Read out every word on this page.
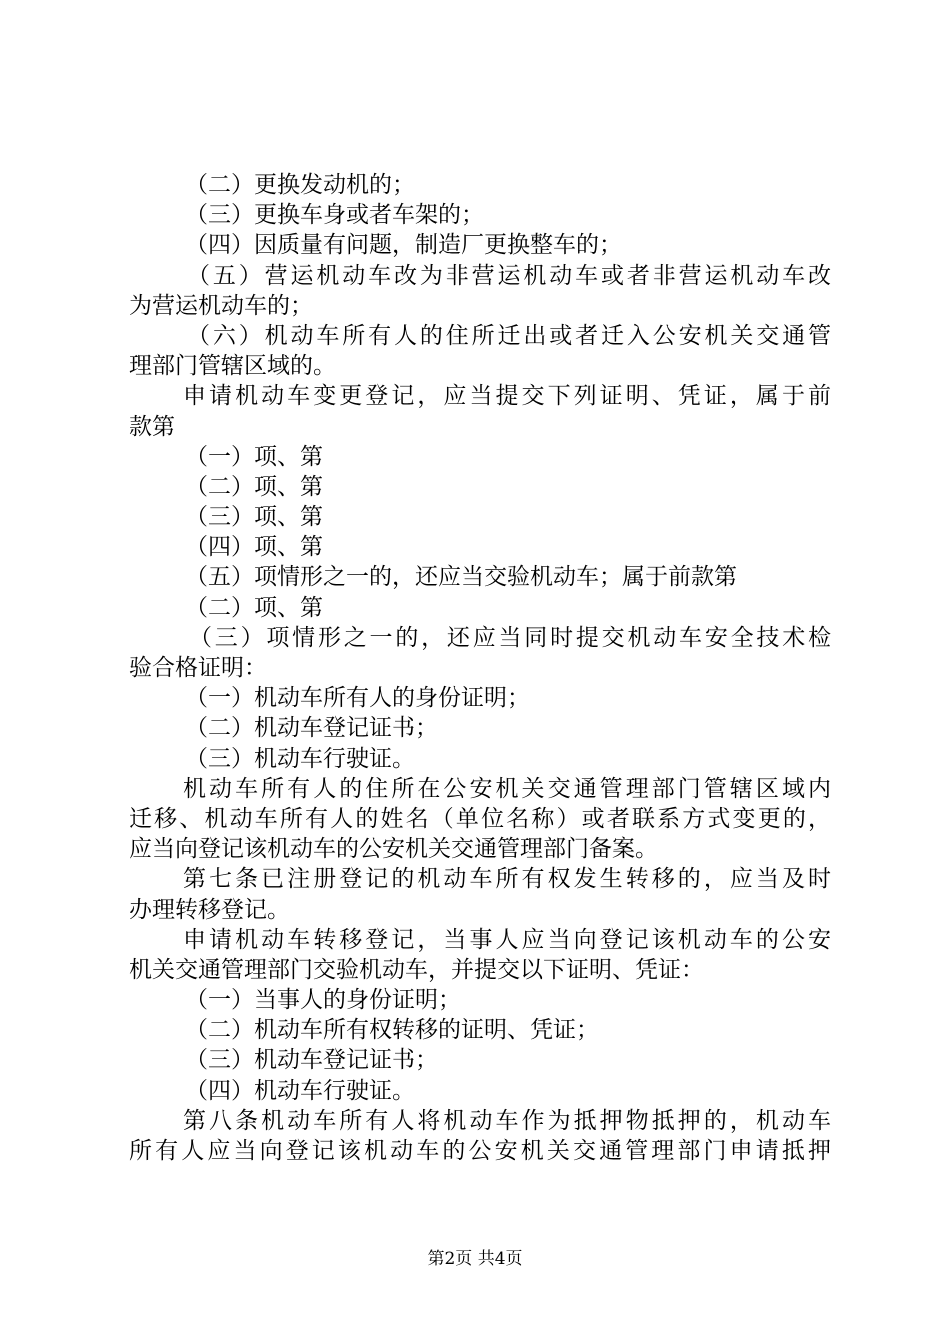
（二）更换发动机的；
（三）更换车身或者车架的；
（四）因质量有问题，制造厂更换整车的；
（五）营运机动车改为非营运机动车或者非营运机动车改
为营运机动车的；
（六）机动车所有人的住所迁出或者迁入公安机关交通管
理部门管辖区域的。
申请机动车变更登记，应当提交下列证明、凭证，属于前
款第
（一）项、第
（二）项、第
（三）项、第
（四）项、第
（五）项情形之一的，还应当交验机动车；属于前款第
（二）项、第
（三）项情形之一的，还应当同时提交机动车安全技术检
验合格证明：
（一）机动车所有人的身份证明；
（二）机动车登记证书；
（三）机动车行驶证。
机动车所有人的住所在公安机关交通管理部门管辖区域内
迁移、机动车所有人的姓名（单位名称）或者联系方式变更的，
应当向登记该机动车的公安机关交通管理部门备案。
第七条已注册登记的机动车所有权发生转移的，应当及时
办理转移登记。
申请机动车转移登记，当事人应当向登记该机动车的公安
机关交通管理部门交验机动车，并提交以下证明、凭证：
（一）当事人的身份证明；
（二）机动车所有权转移的证明、凭证；
（三）机动车登记证书；
（四）机动车行驶证。
第八条机动车所有人将机动车作为抵押物抵押的，机动车
所有人应当向登记该机动车的公安机关交通管理部门申请抵押
第2页 共4页
